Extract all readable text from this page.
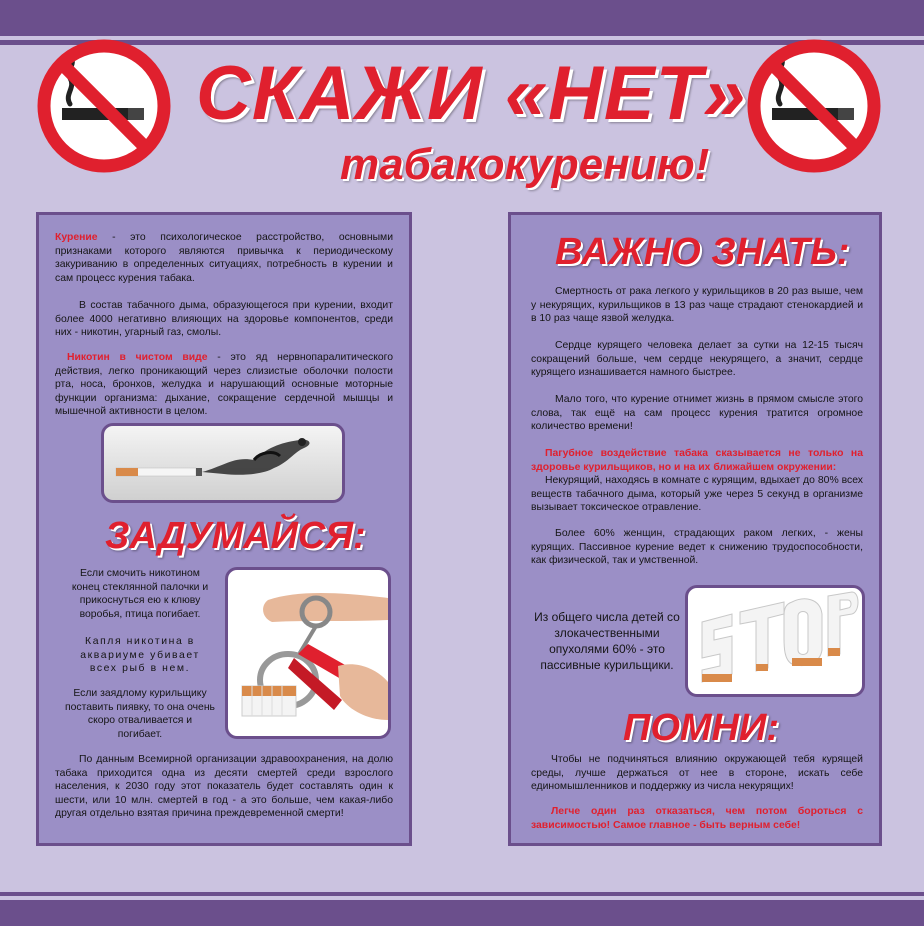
СКАЖИ «НЕТ»
табакокурению!
Курение - это психологическое расстройство, основными признаками которого являются привычка к периодическому закуриванию в определенных ситуациях, потребность в курении и сам процесс курения табака.
В состав табачного дыма, образующегося при курении, входит более 4000 негативно влияющих на здоровье компонентов, среди них - никотин, угарный газ, смолы.
Никотин в чистом виде - это яд нервнопаралитического действия, легко проникающий через слизистые оболочки полости рта, носа, бронхов, желудка и нарушающий основные моторные функции организма: дыхание, сокращение сердечной мышцы и мышечной активности в целом.
ЗАДУМАЙСЯ:
Если смочить никотином конец стеклянной палочки и прикоснуться ею к клюву воробья, птица погибает.
Капля никотина в аквариуме убивает всех рыб в нем.
Если заядлому курильщику поставить пиявку, то она очень скоро отваливается и погибает.
По данным Всемирной организации здравоохранения, на долю табака приходится одна из десяти смертей среди взрослого населения, к 2030 году этот показатель будет составлять один к шести, или 10 млн. смертей в год - а это больше, чем какая-либо другая отдельно взятая причина преждевременной смерти!
ВАЖНО ЗНАТЬ:
Смертность от рака легкого у курильщиков в 20 раз выше, чем у некурящих, курильщиков в 13 раз чаще страдают стенокардией и в 10 раз чаще язвой желудка.
Сердце курящего человека делает за сутки на 12-15 тысяч сокращений больше, чем сердце некурящего, а значит, сердце курящего изнашивается намного быстрее.
Мало того, что курение отнимет жизнь в прямом смысле этого слова, так ещё на сам процесс курения тратится огромное количество времени!
Пагубное воздействие табака сказывается не только на здоровье курильщиков, но и на их ближайшем окружении:
Некурящий, находясь в комнате с курящим, вдыхает до 80% всех веществ табачного дыма, который уже через 5 секунд в организме вызывает токсическое отравление.
Более 60% женщин, страдающих раком легких, - жены курящих. Пассивное курение ведет к снижению трудоспособности, как физической, так и умственной.
Из общего числа детей со злокачественными опухолями 60% - это пассивные курильщики.
ПОМНИ:
Чтобы не подчиняться влиянию окружающей тебя курящей среды, лучше держаться от нее в стороне, искать себе единомышленников и поддержку из числа некурящих!
Легче один раз отказаться, чем потом бороться с зависимостью! Самое главное - быть верным себе!
